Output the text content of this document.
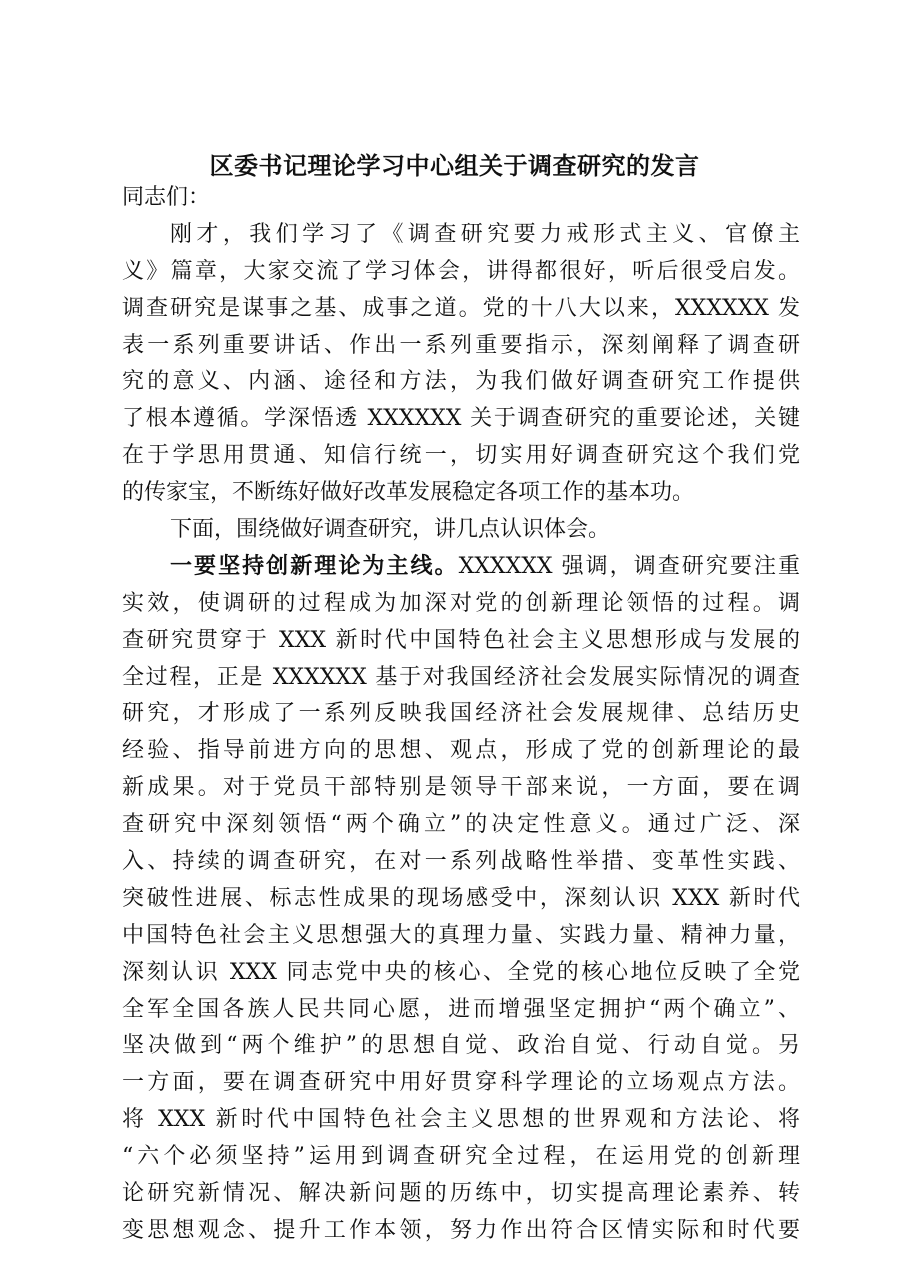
区委书记理论学习中心组关于调查研究的发言
同志们：
刚才，我们学习了《调查研究要力戒形式主义、官僚主
义》篇章，大家交流了学习体会，讲得都很好，听后很受启发。
调查研究是谋事之基、成事之道。党的十八大以来，XXXXXX 发
表一系列重要讲话、作出一系列重要指示，深刻阐释了调查研
究的意义、内涵、途径和方法，为我们做好调查研究工作提供
了根本遵循。学深悟透 XXXXXX 关于调查研究的重要论述，关键
在于学思用贯通、知信行统一，切实用好调查研究这个我们党
的传家宝，不断练好做好改革发展稳定各项工作的基本功。
下面，围绕做好调查研究，讲几点认识体会。
一要坚持创新理论为主线。XXXXXX 强调，调查研究要注重
实效，使调研的过程成为加深对党的创新理论领悟的过程。调
查研究贯穿于 XXX 新时代中国特色社会主义思想形成与发展的
全过程，正是 XXXXXX 基于对我国经济社会发展实际情况的调查
研究，才形成了一系列反映我国经济社会发展规律、总结历史
经验、指导前进方向的思想、观点，形成了党的创新理论的最
新成果。对于党员干部特别是领导干部来说，一方面，要在调
查研究中深刻领悟“两个确立”的决定性意义。通过广泛、深
入、持续的调查研究，在对一系列战略性举措、变革性实践、
突破性进展、标志性成果的现场感受中，深刻认识 XXX 新时代
中国特色社会主义思想强大的真理力量、实践力量、精神力量，
深刻认识 XXX 同志党中央的核心、全党的核心地位反映了全党
全军全国各族人民共同心愿，进而增强坚定拥护“两个确立”、
坚决做到“两个维护”的思想自觉、政治自觉、行动自觉。另
一方面，要在调查研究中用好贯穿科学理论的立场观点方法。
将 XXX 新时代中国特色社会主义思想的世界观和方法论、将
“六个必须坚持”运用到调查研究全过程，在运用党的创新理
论研究新情况、解决新问题的历练中，切实提高理论素养、转
变思想观念、提升工作本领，努力作出符合区情实际和时代要
